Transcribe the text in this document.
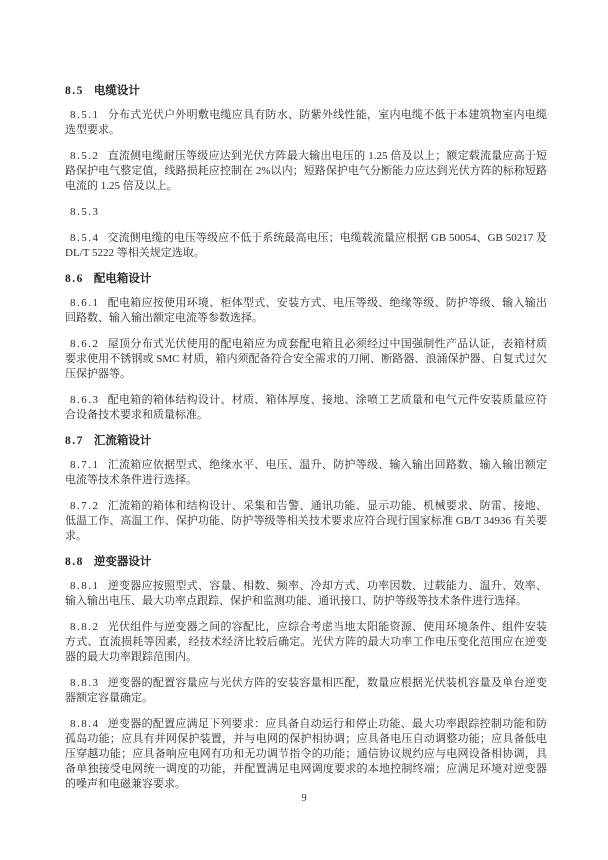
8.5 电缆设计

8.5.1 分布式光伏户外明敷电缆应具有防水、防紫外线性能，室内电缆不低于本建筑物室内电缆选型要求。

8.5.2 直流侧电缆耐压等级应达到光伏方阵最大输出电压的 1.25 倍及以上；额定载流量应高于短路保护电气整定值，线路损耗应控制在 2%以内；短路保护电气分断能力应达到光伏方阵的标称短路电流的 1.25 倍及以上。

8.5.3

8.5.4 交流侧电缆的电压等级应不低于系统最高电压；电缆载流量应根据 GB 50054、GB 50217 及 DL/T 5222 等相关规定选取。

8.6 配电箱设计

8.6.1 配电箱应按使用环境、柜体型式、安装方式、电压等级、绝缘等级、防护等级、输入输出回路数、输入输出额定电流等参数选择。

8.6.2 屋顶分布式光伏使用的配电箱应为成套配电箱且必须经过中国强制性产品认证，表箱材质要求使用不锈钢或 SMC 材质，箱内须配备符合安全需求的刀闸、断路器、浪涌保护器、自复式过欠压保护器等。

8.6.3 配电箱的箱体结构设计、材质、箱体厚度、接地、涂喷工艺质量和电气元件安装质量应符合设备技术要求和质量标准。

8.7 汇流箱设计

8.7.1 汇流箱应依据型式、绝缘水平、电压、温升、防护等级、输入输出回路数、输入输出额定电流等技术条件进行选择。

8.7.2 汇流箱的箱体和结构设计、采集和告警、通讯功能、显示功能、机械要求、防雷、接地、低温工作、高温工作、保护功能、防护等级等相关技术要求应符合现行国家标准 GB/T 34936 有关要求。

8.8 逆变器设计

8.8.1 逆变器应按照型式、容量、相数、频率、冷却方式、功率因数、过载能力、温升、效率、输入输出电压、最大功率点跟踪、保护和监测功能、通讯接口、防护等级等技术条件进行选择。

8.8.2 光伏组件与逆变器之间的容配比，应综合考虑当地太阳能资源、使用环境条件、组件安装方式、直流损耗等因素，经技术经济比较后确定。光伏方阵的最大功率工作电压变化范围应在逆变器的最大功率跟踪范围内。

8.8.3 逆变器的配置容量应与光伏方阵的安装容量相匹配，数量应根据光伏装机容量及单台逆变器额定容量确定。

8.8.4 逆变器的配置应满足下列要求：应具备自动运行和停止功能、最大功率跟踪控制功能和防孤岛功能；应具有并网保护装置，并与电网的保护相协调；应具备电压自动调整功能；应具备低电压穿越功能；应具备响应电网有功和无功调节指令的功能；通信协议规约应与电网设备相协调，具备单独接受电网统一调度的功能，并配置满足电网调度要求的本地控制终端；应满足环境对逆变器的噪声和电磁兼容要求。

9
